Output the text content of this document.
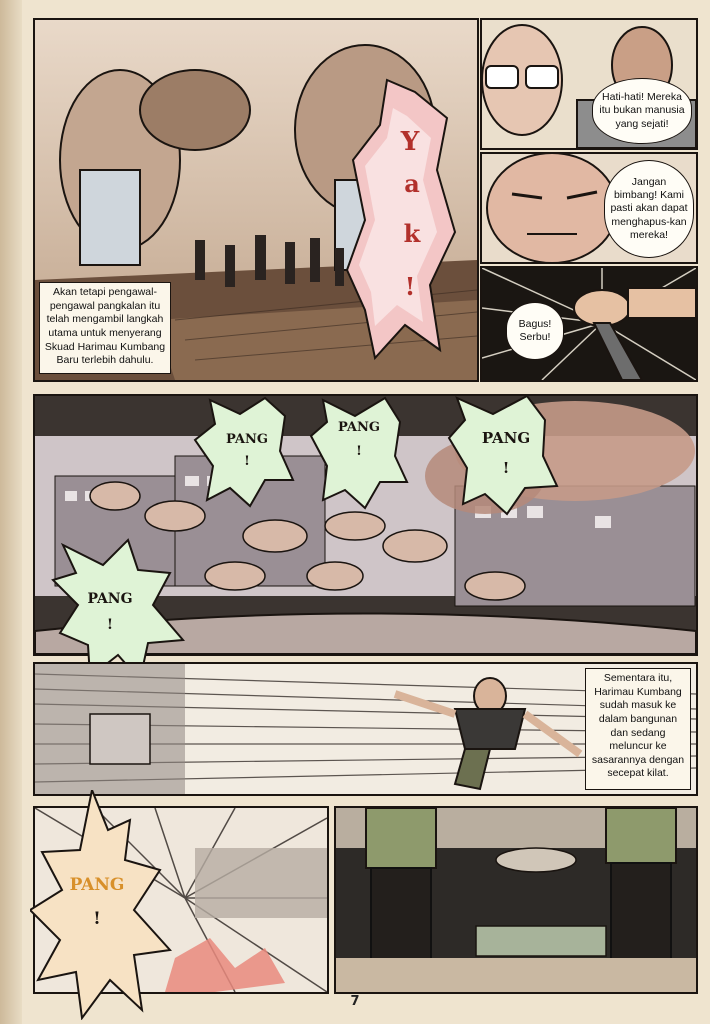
Y
a
k
!
Akan tetapi pengawal-pengawal pangkalan itu telah mengambil langkah utama untuk menyerang Skuad Harimau Kumbang Baru terlebih dahulu.
Hati-hati! Mereka itu bukan manusia yang sejati!
Jangan bimbang! Kami pasti akan dapat menghapus-kan mereka!
Bagus! Serbu!
PANG
!
PANG
!
PANG
!
PANG
!
Sementara itu, Harimau Kumbang sudah masuk ke dalam bangunan dan sedang meluncur ke sasarannya dengan secepat kilat.
PANG
!
7
